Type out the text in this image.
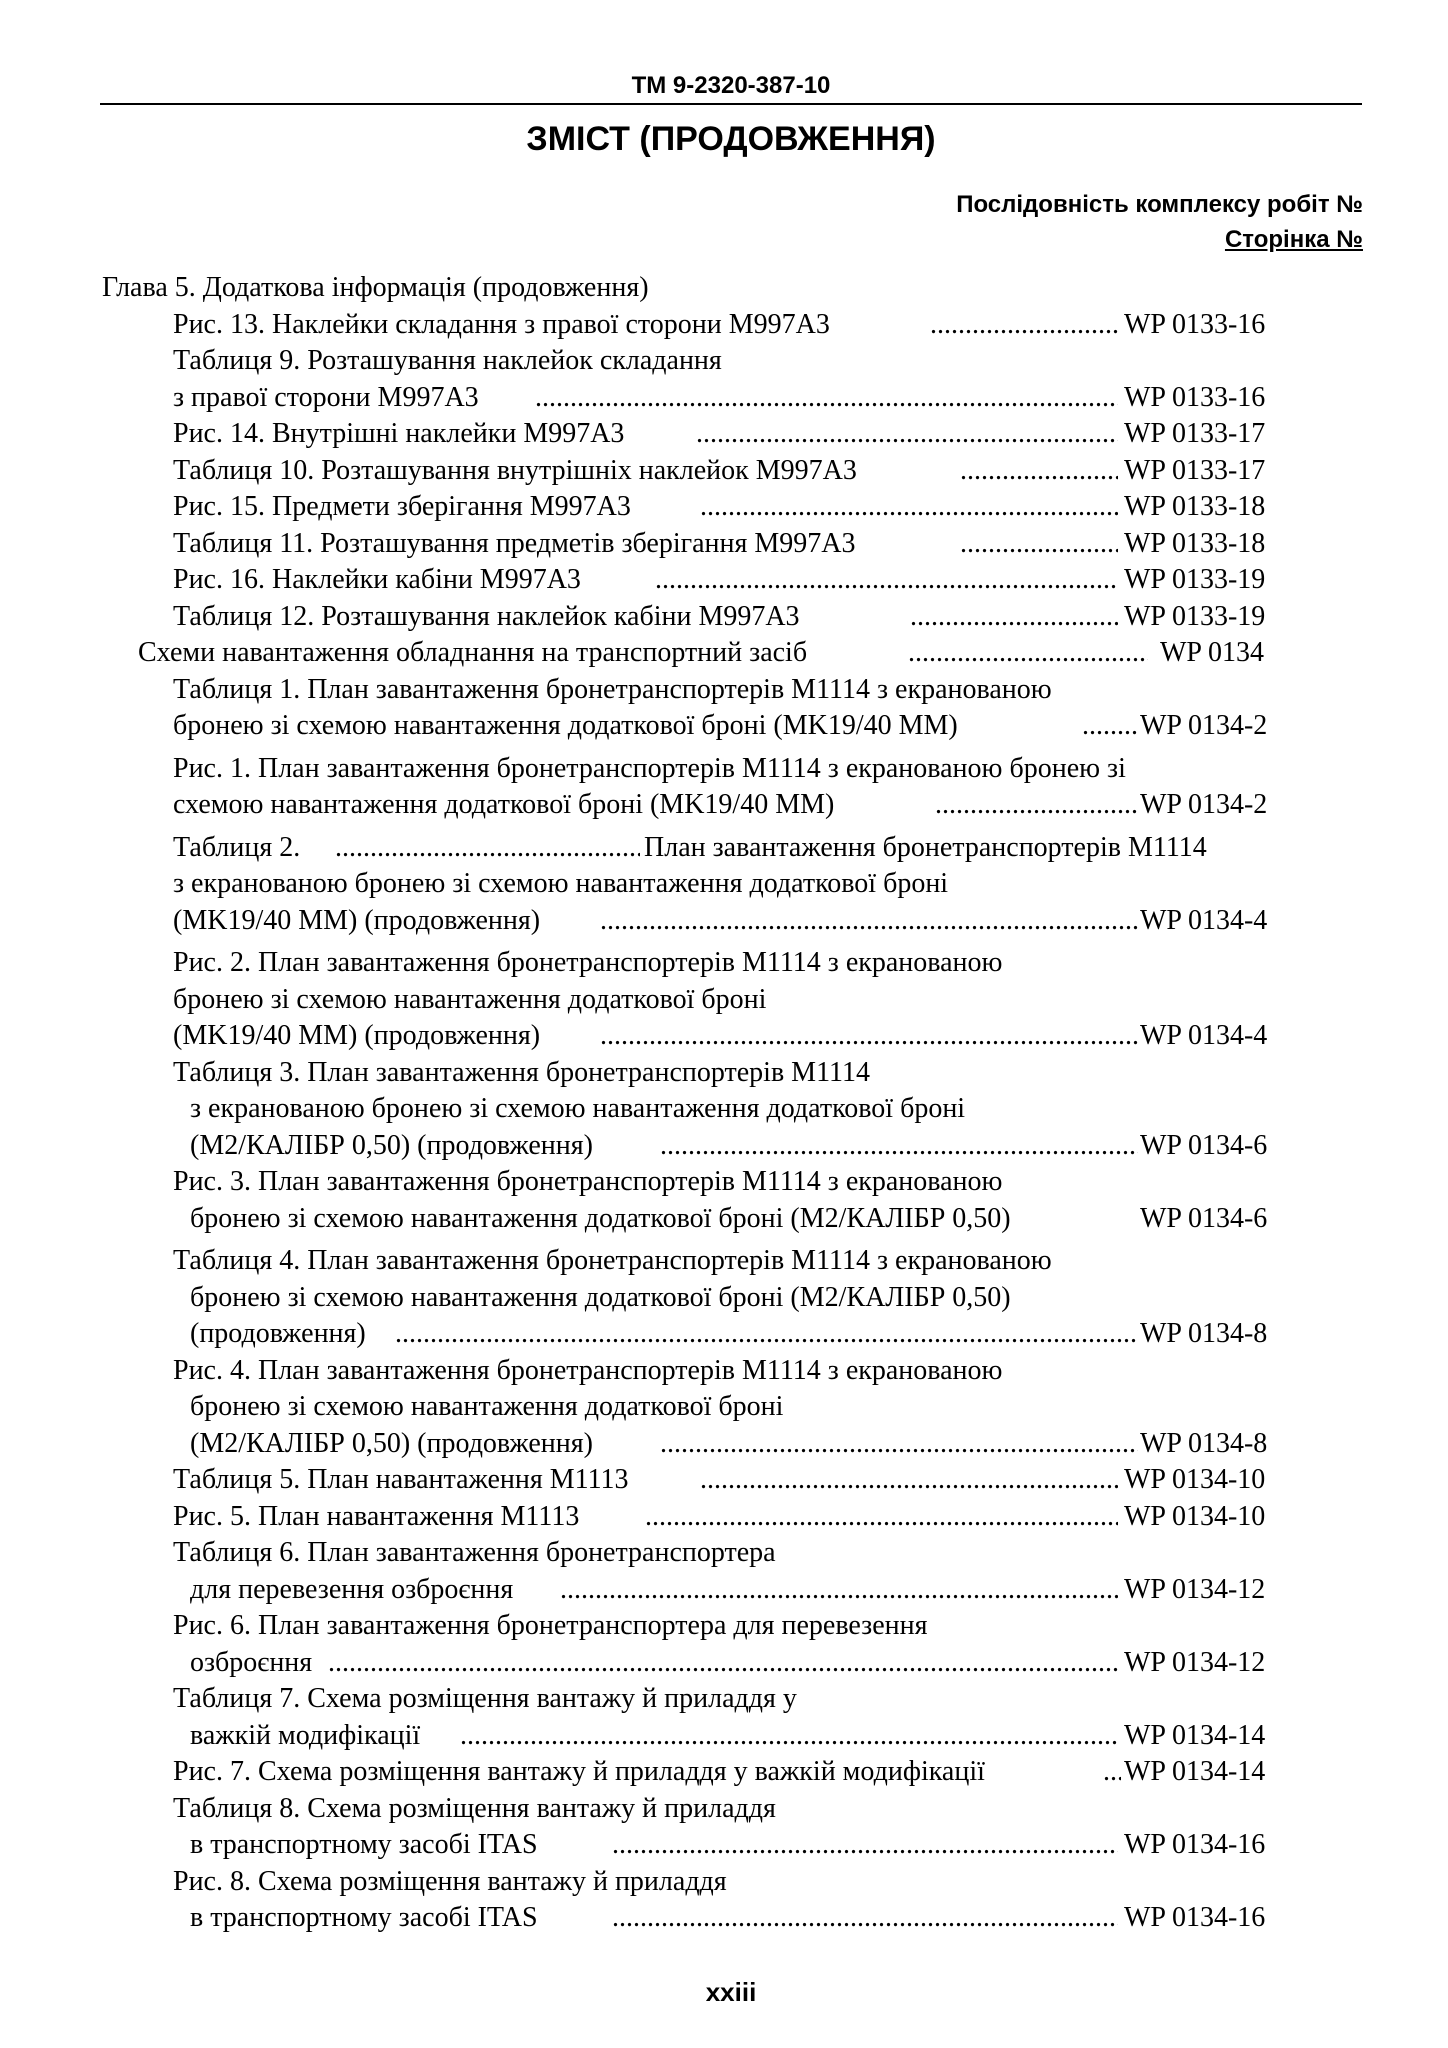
TM 9-2320-387-10
ЗМІСТ (ПРОДОВЖЕННЯ)
Послідовність комплексу робіт №
Сторінка №
Глава 5. Додаткова інформація (продовження)
Рис. 13. Наклейки складання з правої сторони M997A3 .....	WP 0133-16
Таблиця 9. Розташування наклейок складання
з правої сторони M997A3 .....	WP 0133-16
Рис. 14. Внутрішні наклейки M997A3 .....	WP 0133-17
Таблиця 10. Розташування внутрішніх наклейок M997A3 .....	WP 0133-17
Рис. 15. Предмети зберігання M997A3 .....	WP 0133-18
Таблиця 11. Розташування предметів зберігання M997A3 .....	WP 0133-18
Рис. 16. Наклейки кабіни M997A3 .....	WP 0133-19
Таблиця 12. Розташування наклейок кабіни M997A3 .....	WP 0133-19
Схеми навантаження обладнання на транспортний засіб .....	WP 0134
Таблиця 1. План завантаження бронетранспортерів M1114 з екранованою
бронею зі схемою навантаження додаткової броні (MK19/40 MM) .....	WP 0134-2
Рис. 1. План завантаження бронетранспортерів M1114 з екранованою бронею зі
схемою навантаження додаткової броні (MK19/40 MM) .....	WP 0134-2
Таблиця 2. .....	План завантаження бронетранспортерів M1114
з екранованою бронею зі схемою навантаження додаткової броні
(MK19/40 MM) (продовження) .....	WP 0134-4
Рис. 2. План завантаження бронетранспортерів M1114 з екранованою
бронею зі схемою навантаження додаткової броні
(MK19/40 MM) (продовження) .....	WP 0134-4
Таблиця 3. План завантаження бронетранспортерів M1114
з екранованою бронею зі схемою навантаження додаткової броні
(M2/КАЛІБР 0,50) (продовження) .....	WP 0134-6
Рис. 3. План завантаження бронетранспортерів M1114 з екранованою
бронею зі схемою навантаження додаткової броні (M2/КАЛІБР 0,50)	WP 0134-6
Таблиця 4. План завантаження бронетранспортерів M1114 з екранованою
бронею зі схемою навантаження додаткової броні (M2/КАЛІБР 0,50)
(продовження) .....	WP 0134-8
Рис. 4. План завантаження бронетранспортерів M1114 з екранованою
бронею зі схемою навантаження додаткової броні
(M2/КАЛІБР 0,50) (продовження) .....	WP 0134-8
Таблиця 5. План навантаження M1113 .....	WP 0134-10
Рис. 5. План навантаження M1113 .....	WP 0134-10
Таблиця 6. План завантаження бронетранспортера
для перевезення озброєння .....	WP 0134-12
Рис. 6. План завантаження бронетранспортера для перевезення
озброєння .....	WP 0134-12
Таблиця 7. Схема розміщення вантажу й приладдя у
важкій модифікації .....	WP 0134-14
Рис. 7. Схема розміщення вантажу й приладдя у важкій модифікації .....	WP 0134-14
Таблиця 8. Схема розміщення вантажу й приладдя
в транспортному засобі ITAS .....	WP 0134-16
Рис. 8. Схема розміщення вантажу й приладдя
в транспортному засобі ITAS .....	WP 0134-16
xxiii
